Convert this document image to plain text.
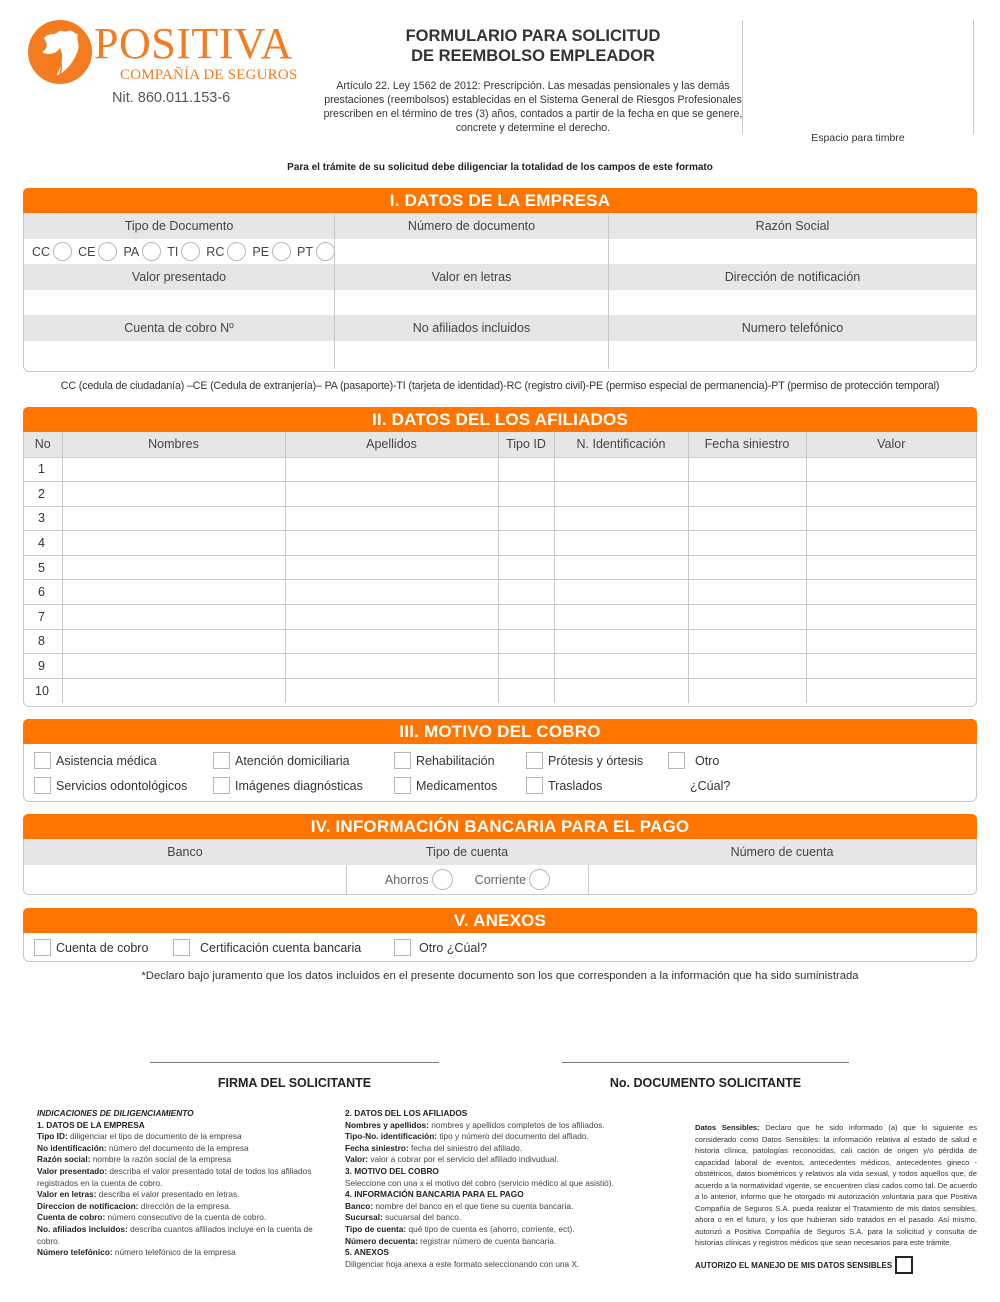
POSITIVA
COMPAÑÍA DE SEGUROS
Nit. 860.011.153-6
FORMULARIO PARA SOLICITUD
DE REEMBOLSO EMPLEADOR
Artículo 22. Ley 1562 de 2012: Prescripción. Las mesadas pensionales y las demás prestaciones (reembolsos) establecidas en el Sistema General de Riesgos Profesionales prescriben en el término de tres (3) años, contados a partir de la fecha en que se genere, concrete y determine el derecho.
Espacio para timbre
Para el trámite de su solicitud debe diligenciar la totalidad de los campos de este formato
I. DATOS DE LA EMPRESA
Tipo de Documento	Número de documento	Razón Social
CC CE PA TI RC PE PT
Valor presentado	Valor en letras	Dirección de notificación
Cuenta de cobro Nº	No afiliados incluidos	Numero telefónico
CC (cedula de ciudadanía) –CE (Cedula de extranjería)– PA (pasaporte)-TI (tarjeta de identidad)-RC (registro civil)-PE (permiso especial de permanencia)-PT (permiso de protección temporal)
II. DATOS DEL LOS AFILIADOS
No	Nombres	Apellidos	Tipo ID	N. Identificación	Fecha siniestro	Valor
1						
2						
3						
4						
5						
6						
7						
8						
9						
10						
III. MOTIVO DEL COBRO
Asistencia médica	Atención domiciliaria	Rehabilitación	Prótesis y órtesis	Otro
Servicios odontológicos	Imágenes diagnósticas	Medicamentos	Traslados	¿Cúal?
IV. INFORMACIÓN BANCARIA PARA EL PAGO
Banco	Tipo de cuenta	Número de cuenta
Ahorros	Corriente
V. ANEXOS
Cuenta de cobro	Certificación cuenta bancaria	Otro ¿Cúal?
*Declaro bajo juramento que los datos incluidos en el presente documento son los que corresponden a la información que ha sido suministrada
FIRMA DEL SOLICITANTE	No. DOCUMENTO SOLICITANTE
INDICACIONES DE DILIGENCIAMIENTO
1. DATOS DE LA EMPRESA
Tipo ID: diligenciar el tipo de documento de la empresa
No identificación: número del documento de la empresa
Razón social: nombre la razón social de la empresa
Valor presentado: describa el valor presentado total de todos los afiliados registrados en la cuenta de cobro.
Valor en letras: describa el valor presentado en letras.
Direccion de notificacion: dirección de la empresa.
Cuenta de cobro: número consecutivo de la cuenta de cobro.
No. afiliados incluidos: describa cuantos afiliados incluye en la cuenta de cobro.
Número telefónico: número telefónico de la empresa
2. DATOS DEL LOS AFILIADOS
Nombres y apellidos: nombres y apellidos completos de los afiliados.
Tipo-No. identificación: tipo y número del documento del afliado.
Fecha siniestro: fecha del siniestro del afiliado.
Valor: valor a cobrar por el servicio del afiliado indivudual.
3. MOTIVO DEL COBRO
Seleccione con una x el motivo del cobro (servicio médico al que asistió).
4. INFORMACIÓN BANCARIA PARA EL PAGO
Banco: nombre del banco en el que tiene su cuenta bancaria.
Sucursal: sucuarsal del banco.
Tipo de cuenta: qué tipo de cuenta es (ahorro, corriente, ect).
Número decuenta: registrar número de cuenta bancaria.
5. ANEXOS
Diligenciar hoja anexa a este formato seleccionando con una X.
Datos Sensibles: Declaro que he sido informado (a) que lo siguiente es considerado como Datos Sensibles: la información relativa al estado de salud e historia clínica, patologías reconocidas, cali cación de origen y/o pérdida de capacidad laboral de eventos, antecedentes médicos, antecedentes gineco - obstétricos, datos biométricos y relativos ala vida sexual, y todos aquellos que, de acuerdo a la normatividad vigente, se encuentren clasi cados como tal. De acuerdo a lo anterior, informo que he otorgado mi autorización voluntaria para que Positiva Compañía de Seguros S.A. pueda realizar el Tratamiento de mis datos sensibles, ahora o en el futuro, y los que hubieran sido tratados en el pasado. Así mismo, autorizó a Positiva Compañía de Seguros S.A. para la solicitud y consulta de historias clínicas y registros médicos que sean necesarios para este trámite.
AUTORIZO EL MANEJO DE MIS DATOS SENSIBLES
